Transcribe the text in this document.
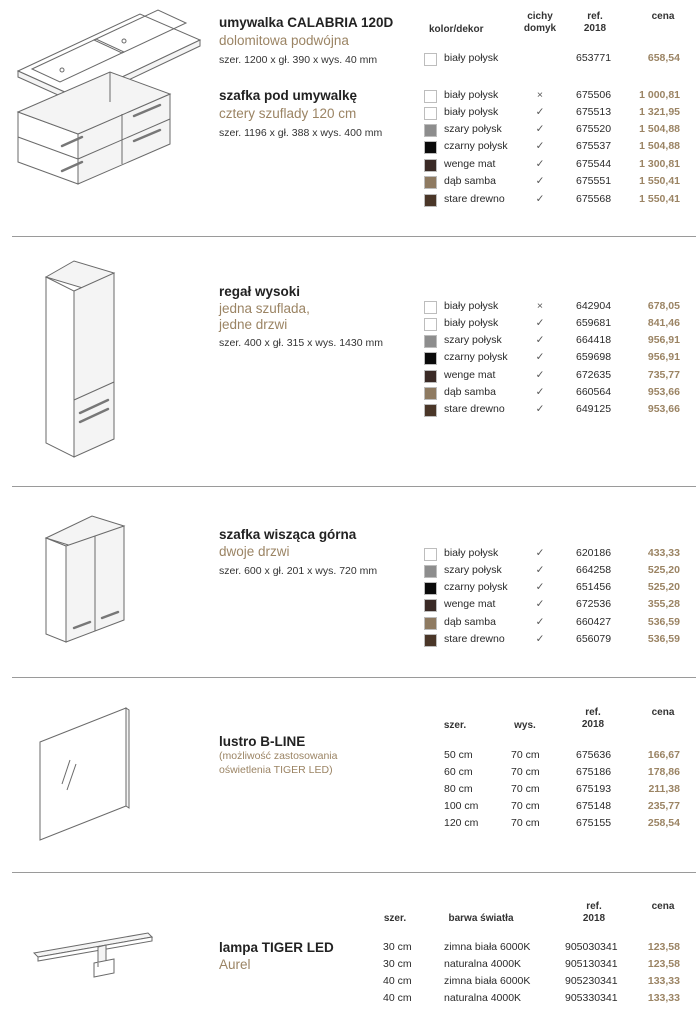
umywalka CALABRIA 120D
dolomitowa podwójna
szer. 1200 x gł. 390 x wys. 40 mm
kolor/dekor
cichy
domyk
ref.
2018
cena
biały połysk	653771	658,54
szafka pod umywalkę
cztery szuflady 120 cm
szer. 1196 x gł. 388 x wys. 400 mm
biały połysk	×	675506	1 000,81
biały połysk	✓	675513	1 321,95
szary połysk	✓	675520	1 504,88
czarny połysk	✓	675537	1 504,88
wenge mat	✓	675544	1 300,81
dąb samba	✓	675551	1 550,41
stare drewno	✓	675568	1 550,41
regał wysoki
jedna szuflada,
jedne drzwi
szer. 400 x gł. 315 x wys. 1430 mm
biały połysk	×	642904	678,05
biały połysk	✓	659681	841,46
szary połysk	✓	664418	956,91
czarny połysk	✓	659698	956,91
wenge mat	✓	672635	735,77
dąb samba	✓	660564	953,66
stare drewno	✓	649125	953,66
szafka wisząca górna
dwoje drzwi
szer. 600 x gł. 201 x wys. 720 mm
biały połysk	✓	620186	433,33
szary połysk	✓	664258	525,20
czarny połysk	✓	651456	525,20
wenge mat	✓	672536	355,28
dąb samba	✓	660427	536,59
stare drewno	✓	656079	536,59
szer.	wys.
ref.
2018
cena
lustro B-LINE
(możliwość zastosowania
oświetlenia TIGER LED)
50 cm	70 cm	675636	166,67
60 cm	70 cm	675186	178,86
80 cm	70 cm	675193	211,38
100 cm	70 cm	675148	235,77
120 cm	70 cm	675155	258,54
szer.	barwa światła
ref.
2018
cena
lampa TIGER LED
Aurel
30 cm	zimna biała 6000K	905030341	123,58
30 cm	naturalna 4000K	905130341	123,58
40 cm	zimna biała 6000K	905230341	133,33
40 cm	naturalna 4000K	905330341	133,33
